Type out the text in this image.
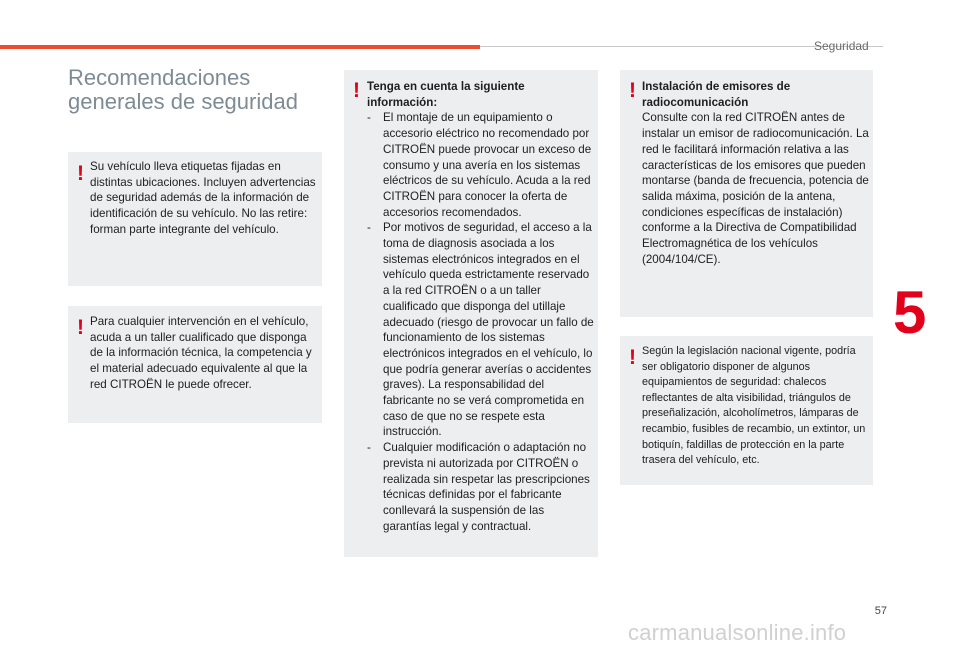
Seguridad
5
Recomendaciones
generales de seguridad
! Su vehículo lleva etiquetas fijadas en distintas ubicaciones. Incluyen advertencias de seguridad además de la información de identificación de su vehículo. No las retire: forman parte integrante del vehículo.

! Para cualquier intervención en el vehículo, acuda a un taller cualificado que disponga de la información técnica, la competencia y el material adecuado equivalente al que la red CITROËN le puede ofrecer.

! Tenga en cuenta la siguiente información:

- El montaje de un equipamiento o accesorio eléctrico no recomendado por CITROËN puede provocar un exceso de consumo y una avería en los sistemas eléctricos de su vehículo. Acuda a la red CITROËN para conocer la oferta de accesorios recomendados.
- Por motivos de seguridad, el acceso a la toma de diagnosis asociada a los sistemas electrónicos integrados en el vehículo queda estrictamente reservado a la red CITROËN o a un taller cualificado que disponga del utillaje adecuado (riesgo de provocar un fallo de funcionamiento de los sistemas electrónicos integrados en el vehículo, lo que podría generar averías o accidentes graves). La responsabilidad del fabricante no se verá comprometida en caso de que no se respete esta instrucción.
- Cualquier modificación o adaptación no prevista ni autorizada por CITROËN o realizada sin respetar las prescripciones técnicas definidas por el fabricante conllevará la suspensión de las garantías legal y contractual.
! Instalación de emisores de radiocomunicación

Consulte con la red CITROËN antes de instalar un emisor de radiocomunicación. La red le facilitará información relativa a las características de los emisores que pueden montarse (banda de frecuencia, potencia de salida máxima, posición de la antena, condiciones específicas de instalación) conforme a la Directiva de Compatibilidad Electromagnética de los vehículos (2004/104/CE).

! Según la legislación nacional vigente, podría ser obligatorio disponer de algunos equipamientos de seguridad: chalecos reflectantes de alta visibilidad, triángulos de preseñalización, alcoholímetros, lámparas de recambio, fusibles de recambio, un extintor, un botiquín, faldillas de protección en la parte trasera del vehículo, etc.

57
carmanualsonline.info
